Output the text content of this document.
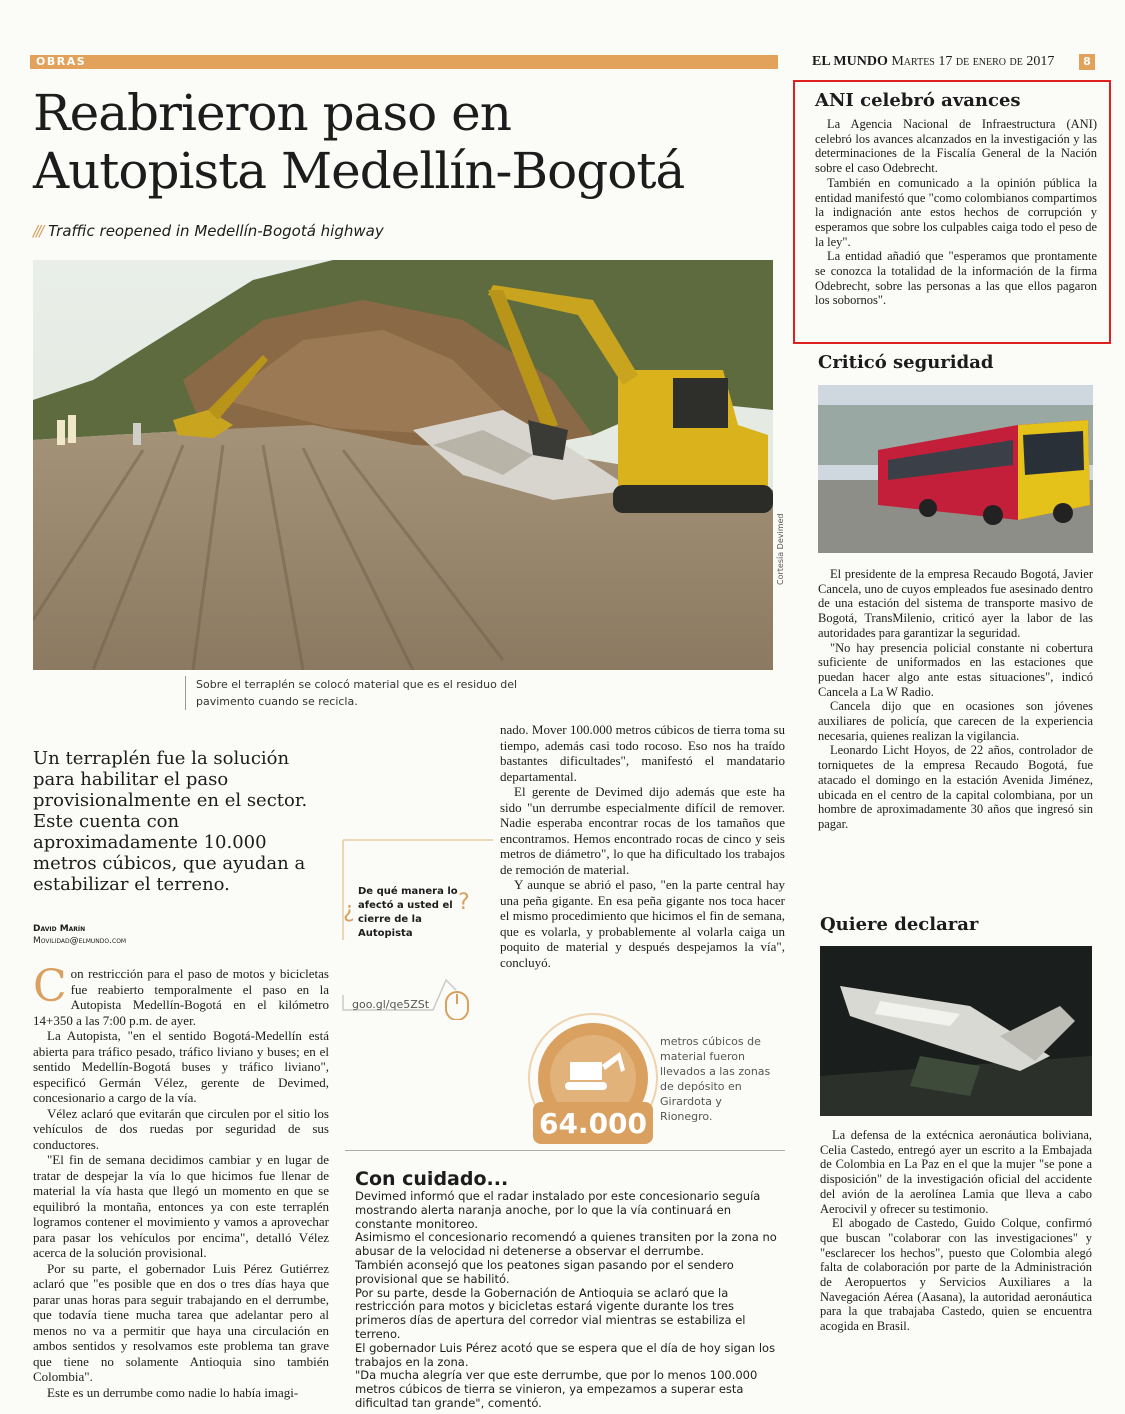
OBRAS	EL MUNDO Martes 17 de enero de 2017	8
Reabrieron paso en
Autopista Medellín-Bogotá
/// Traffic reopened in Medellín-Bogotá highway
Cortesía Devimed
Sobre el terraplén se colocó material que es el residuo del pavimento cuando se recicla.
Un terraplén fue la solución para habilitar el paso provisionalmente en el sector. Este cuenta con aproximadamente 10.000 metros cúbicos, que ayudan a estabilizar el terreno.
David Marín
Movilidad@elmundo.com

Con restricción para el paso de motos y bicicletas fue reabierto temporalmente el paso en la Autopista Medellín-Bogotá en el kilómetro 14+350 a las 7:00 p.m. de ayer.

La Autopista, "en el sentido Bogotá-Medellín está abierta para tráfico pesado, tráfico liviano y buses; en el sentido Medellín-Bogotá buses y tráfico liviano", especificó Germán Vélez, gerente de Devimed, concesionario a cargo de la vía.

Vélez aclaró que evitarán que circulen por el sitio los vehículos de dos ruedas por seguridad de sus conductores.

"El fin de semana decidimos cambiar y en lugar de tratar de despejar la vía lo que hicimos fue llenar de material la vía hasta que llegó un momento en que se equilibró la montaña, entonces ya con este terraplén logramos contener el movimiento y vamos a aprovechar para pasar los vehículos por encima", detalló Vélez acerca de la solución provisional.

Por su parte, el gobernador Luis Pérez Gutiérrez aclaró que "es posible que en dos o tres días haya que parar unas horas para seguir trabajando en el derrumbe, que todavía tiene mucha tarea que adelantar pero al menos no va a permitir que haya una circulación en ambos sentidos y resolvamos este problema tan grave que tiene no solamente Antioquia sino también Colombia".

Este es un derrumbe como nadie lo había imagi-

nado. Mover 100.000 metros cúbicos de tierra toma su tiempo, además casi todo rocoso. Eso nos ha traído bastantes dificultades", manifestó el mandatario departamental.

El gerente de Devimed dijo además que este ha sido "un derrumbe especialmente difícil de remover. Nadie esperaba encontrar rocas de los tamaños que encontramos. Hemos encontrado rocas de cinco y seis metros de diámetro", lo que ha dificultado los trabajos de remoción de material.

Y aunque se abrió el paso, "en la parte central hay una peña gigante. En esa peña gigante nos toca hacer el mismo procedimiento que hicimos el fin de semana, que es volarla, y probablemente al volarla caiga un poquito de material y después despejamos la vía", concluyó.

¿	?
De qué manera lo afectó a usted el cierre de la Autopista
goo.gl/qe5ZSt
64.000
metros cúbicos de material fueron llevados a las zonas de depósito en Girardota y Rionegro.
Con cuidado...

Devimed informó que el radar instalado por este concesionario seguía mostrando alerta naranja anoche, por lo que la vía continuará en constante monitoreo.

Asimismo el concesionario recomendó a quienes transiten por la zona no abusar de la velocidad ni detenerse a observar el derrumbe.

También aconsejó que los peatones sigan pasando por el sendero provisional que se habilitó.

Por su parte, desde la Gobernación de Antioquia se aclaró que la restricción para motos y bicicletas estará vigente durante los tres primeros días de apertura del corredor vial mientras se estabiliza el terreno.

El gobernador Luis Pérez acotó que se espera que el día de hoy sigan los trabajos en la zona.

"Da mucha alegría ver que este derrumbe, que por lo menos 100.000 metros cúbicos de tierra se vinieron, ya empezamos a superar esta dificultad tan grande", comentó.

ANI celebró avances

La Agencia Nacional de Infraestructura (ANI) celebró los avances alcanzados en la investigación y las determinaciones de la Fiscalía General de la Nación sobre el caso Odebrecht.

También en comunicado a la opinión pública la entidad manifestó que "como colombianos compartimos la indignación ante estos hechos de corrupción y esperamos que sobre los culpables caiga todo el peso de la ley".

La entidad añadió que "esperamos que prontamente se conozca la totalidad de la información de la firma Odebrecht, sobre las personas a las que ellos pagaron los sobornos".

Criticó seguridad

El presidente de la empresa Recaudo Bogotá, Javier Cancela, uno de cuyos empleados fue asesinado dentro de una estación del sistema de transporte masivo de Bogotá, TransMilenio, criticó ayer la labor de las autoridades para garantizar la seguridad.

"No hay presencia policial constante ni cobertura suficiente de uniformados en las estaciones que puedan hacer algo ante estas situaciones", indicó Cancela a La W Radio.

Cancela dijo que en ocasiones son jóvenes auxiliares de policía, que carecen de la experiencia necesaria, quienes realizan la vigilancia.

Leonardo Licht Hoyos, de 22 años, controlador de torniquetes de la empresa Recaudo Bogotá, fue atacado el domingo en la estación Avenida Jiménez, ubicada en el centro de la capital colombiana, por un hombre de aproximadamente 30 años que ingresó sin pagar.

Quiere declarar

La defensa de la extécnica aeronáutica boliviana, Celia Castedo, entregó ayer un escrito a la Embajada de Colombia en La Paz en el que la mujer "se pone a disposición" de la investigación oficial del accidente del avión de la aerolínea Lamia que lleva a cabo Aerocivil y ofrecer su testimonio.

El abogado de Castedo, Guido Colque, confirmó que buscan "colaborar con las investigaciones" y "esclarecer los hechos", puesto que Colombia alegó falta de colaboración por parte de la Administración de Aeropuertos y Servicios Auxiliares a la Navegación Aérea (Aasana), la autoridad aeronáutica para la que trabajaba Castedo, quien se encuentra acogida en Brasil.
